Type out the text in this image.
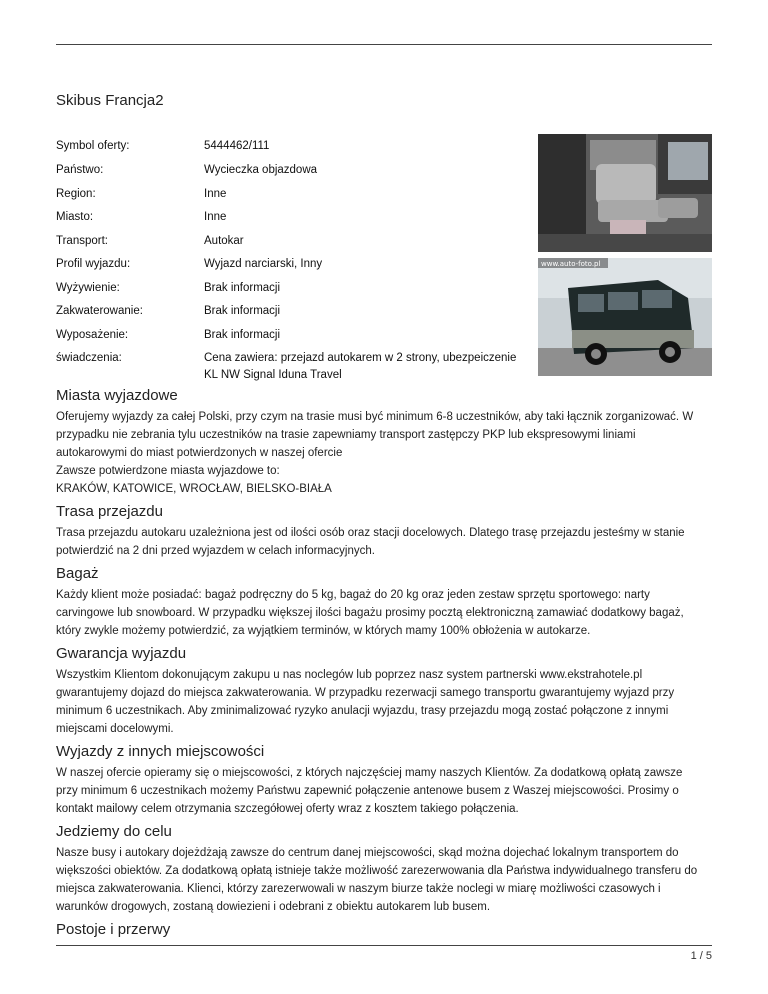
Skibus Francja2
Symbol oferty:	5444462/111
Państwo:	Wycieczka objazdowa
Region:	Inne
Miasto:	Inne
Transport:	Autokar
Profil wyjazdu:	Wyjazd narciarski, Inny
Wyżywienie:	Brak informacji
Zakwaterowanie:	Brak informacji
Wyposażenie:	Brak informacji
świadczenia:	Cena zawiera: przejazd autokarem w 2 strony, ubezpeiczenie
KL NW Signal Iduna Travel
www.auto-foto.pl
Miasta wyjazdowe

Oferujemy wyjazdy za całej Polski, przy czym na trasie musi być minimum 6-8 uczestników, aby taki łącznik zorganizować. W
przypadku nie zebrania tylu uczestników na trasie zapewniamy transport zastępczy PKP lub ekspresowymi liniami
autokarowymi do miast potwierdzonych w naszej ofercie
Zawsze potwierdzone miasta wyjazdowe to:
KRAKÓW, KATOWICE, WROCŁAW, BIELSKO-BIAŁA

Trasa przejazdu

Trasa przejazdu autokaru uzależniona jest od ilości osób oraz stacji docelowych. Dlatego trasę przejazdu jesteśmy w stanie
potwierdzić na 2 dni przed wyjazdem w celach informacyjnych.

Bagaż

Każdy klient może posiadać: bagaż podręczny do 5 kg, bagaż do 20 kg oraz jeden zestaw sprzętu sportowego: narty
carvingowe lub snowboard. W przypadku większej ilości bagażu prosimy pocztą elektroniczną zamawiać dodatkowy bagaż,
który zwykle możemy potwierdzić, za wyjątkiem terminów, w których mamy 100% obłożenia w autokarze.

Gwarancja wyjazdu

Wszystkim Klientom dokonującym zakupu u nas noclegów lub poprzez nasz system partnerski www.ekstrahotele.pl
gwarantujemy dojazd do miejsca zakwaterowania. W przypadku rezerwacji samego transportu gwarantujemy wyjazd przy
minimum 6 uczestnikach. Aby zminimalizować ryzyko anulacji wyjazdu, trasy przejazdu mogą zostać połączone z innymi
miejscami docelowymi.

Wyjazdy z innych miejscowości

W naszej ofercie opieramy się o miejscowości, z których najczęściej mamy naszych Klientów. Za dodatkową opłatą zawsze
przy minimum 6 uczestnikach możemy Państwu zapewnić połączenie antenowe busem z Waszej miejscowości. Prosimy o
kontakt mailowy celem otrzymania szczegółowej oferty wraz z kosztem takiego połączenia.

Jedziemy do celu

Nasze busy i autokary dojeżdżają zawsze do centrum danej miejscowości, skąd można dojechać lokalnym transportem do
większości obiektów. Za dodatkową opłatą istnieje także możliwość zarezerwowania dla Państwa indywidualnego transferu do
miejsca zakwaterowania. Klienci, którzy zarezerwowali w naszym biurze także noclegi w miarę możliwości czasowych i
warunków drogowych, zostaną dowiezieni i odebrani z obiektu autokarem lub busem.

Postoje i przerwy
1 / 5
